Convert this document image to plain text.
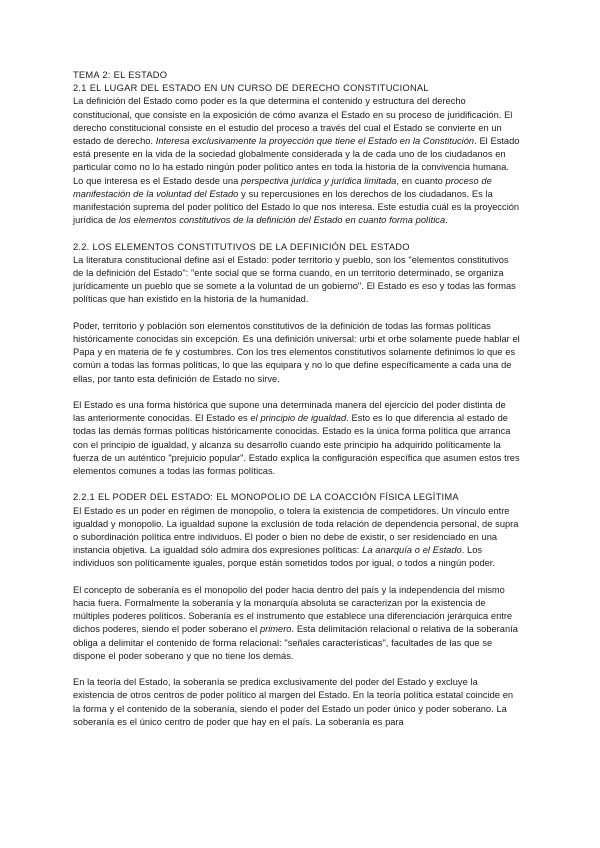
TEMA 2: EL ESTADO

2.1 EL LUGAR DEL ESTADO EN UN CURSO DE DERECHO CONSTITUCIONAL

La definición del Estado como poder es la que determina el contenido y estructura del derecho constitucional, que consiste en la exposición de cómo avanza el Estado en su proceso de juridificación. El derecho constitucional consiste en el estudio del proceso a través del cual el Estado se convierte en un estado de derecho. Interesa exclusivamente la proyección que tiene el Estado en la Constitución. El Estado está presente en la vida de la sociedad globalmente considerada y la de cada uno de los ciudadanos en particular como no lo ha estado ningún poder político antes en toda la historia de la convivencia humana. Lo que interesa es el Estado desde una perspectiva jurídica y jurídica limitada, en cuanto proceso de manifestación de la voluntad del Estado y su repercusiones en los derechos de los ciudadanos. Es la manifestación suprema del poder político del Estado lo que nos interesa. Este estudia cuál es la proyección jurídica de los elementos constitutivos de la definición del Estado en cuanto forma política.

2.2. LOS ELEMENTOS CONSTITUTIVOS DE LA DEFINICIÓN DEL ESTADO

La literatura constitucional define así el Estado: poder territorio y pueblo, son los "elementos constitutivos de la definición del Estado": "ente social que se forma cuando, en un territorio determinado, se organiza jurídicamente un pueblo que se somete a la voluntad de un gobierno". El Estado es eso y todas las formas políticas que han existido en la historia de la humanidad.

Poder, territorio y población son elementos constitutivos de la definición de todas las formas políticas históricamente conocidas sin excepción. Es una definición universal: urbi et orbe solamente puede hablar el Papa y en materia de fe y costumbres. Con los tres elementos constitutivos solamente definimos lo que es común a todas las formas políticas, lo que las equipara y no lo que define específicamente a cada una de ellas, por tanto esta definición de Estado no sirve.

El Estado es una forma histórica que supone una determinada manera del ejercicio del poder distinta de las anteriormente conocidas. El Estado es el principio de igualdad. Esto es lo que diferencia al estado de todas las demás formas políticas históricamente conocidas. Estado es la única forma política que arranca con el principio de igualdad, y alcanza su desarrollo cuando este principio ha adquirido políticamente la fuerza de un auténtico "prejuicio popular". Estado explica la configuración específica que asumen estos tres elementos comunes a todas las formas políticas.

2.2.1 EL PODER DEL ESTADO: EL MONOPOLIO DE LA COACCIÓN FÍSICA LEGÍTIMA

El Estado es un poder en régimen de monopolio, o tolera la existencia de competidores. Un vínculo entre igualdad y monopolio. La igualdad supone la exclusión de toda relación de dependencia personal, de supra o subordinación política entre individuos. El poder o bien no debe de existir, o ser residenciado en una instancia objetiva. La igualdad sólo admira dos expresiones políticas: La anarquía o el Estado. Los individuos son políticamente iguales, porque están sometidos todos por igual, o todos a ningún poder.

El concepto de soberanía es el monopolio del poder hacia dentro del país y la independencia del mismo hacia fuera. Formalmente la soberanía y la monarquía absoluta se caracterizan por la existencia de múltiples poderes políticos. Soberanía es el instrumento que establece una diferenciación jerárquica entre dichos poderes, siendo el poder soberano el primero. Esta delimitación relacional o relativa de la soberanía obliga a delimitar el contenido de forma relacional: "señales características", facultades de las que se dispone el poder soberano y que no tiene los demás.

En la teoría del Estado, la soberanía se predica exclusivamente del poder del Estado y excluye la existencia de otros centros de poder político al margen del Estado. En la teoría política estatal coincide en la forma y el contenido de la soberanía, siendo el poder del Estado un poder único y poder soberano. La soberanía es el único centro de poder que hay en el país. La soberanía es para
